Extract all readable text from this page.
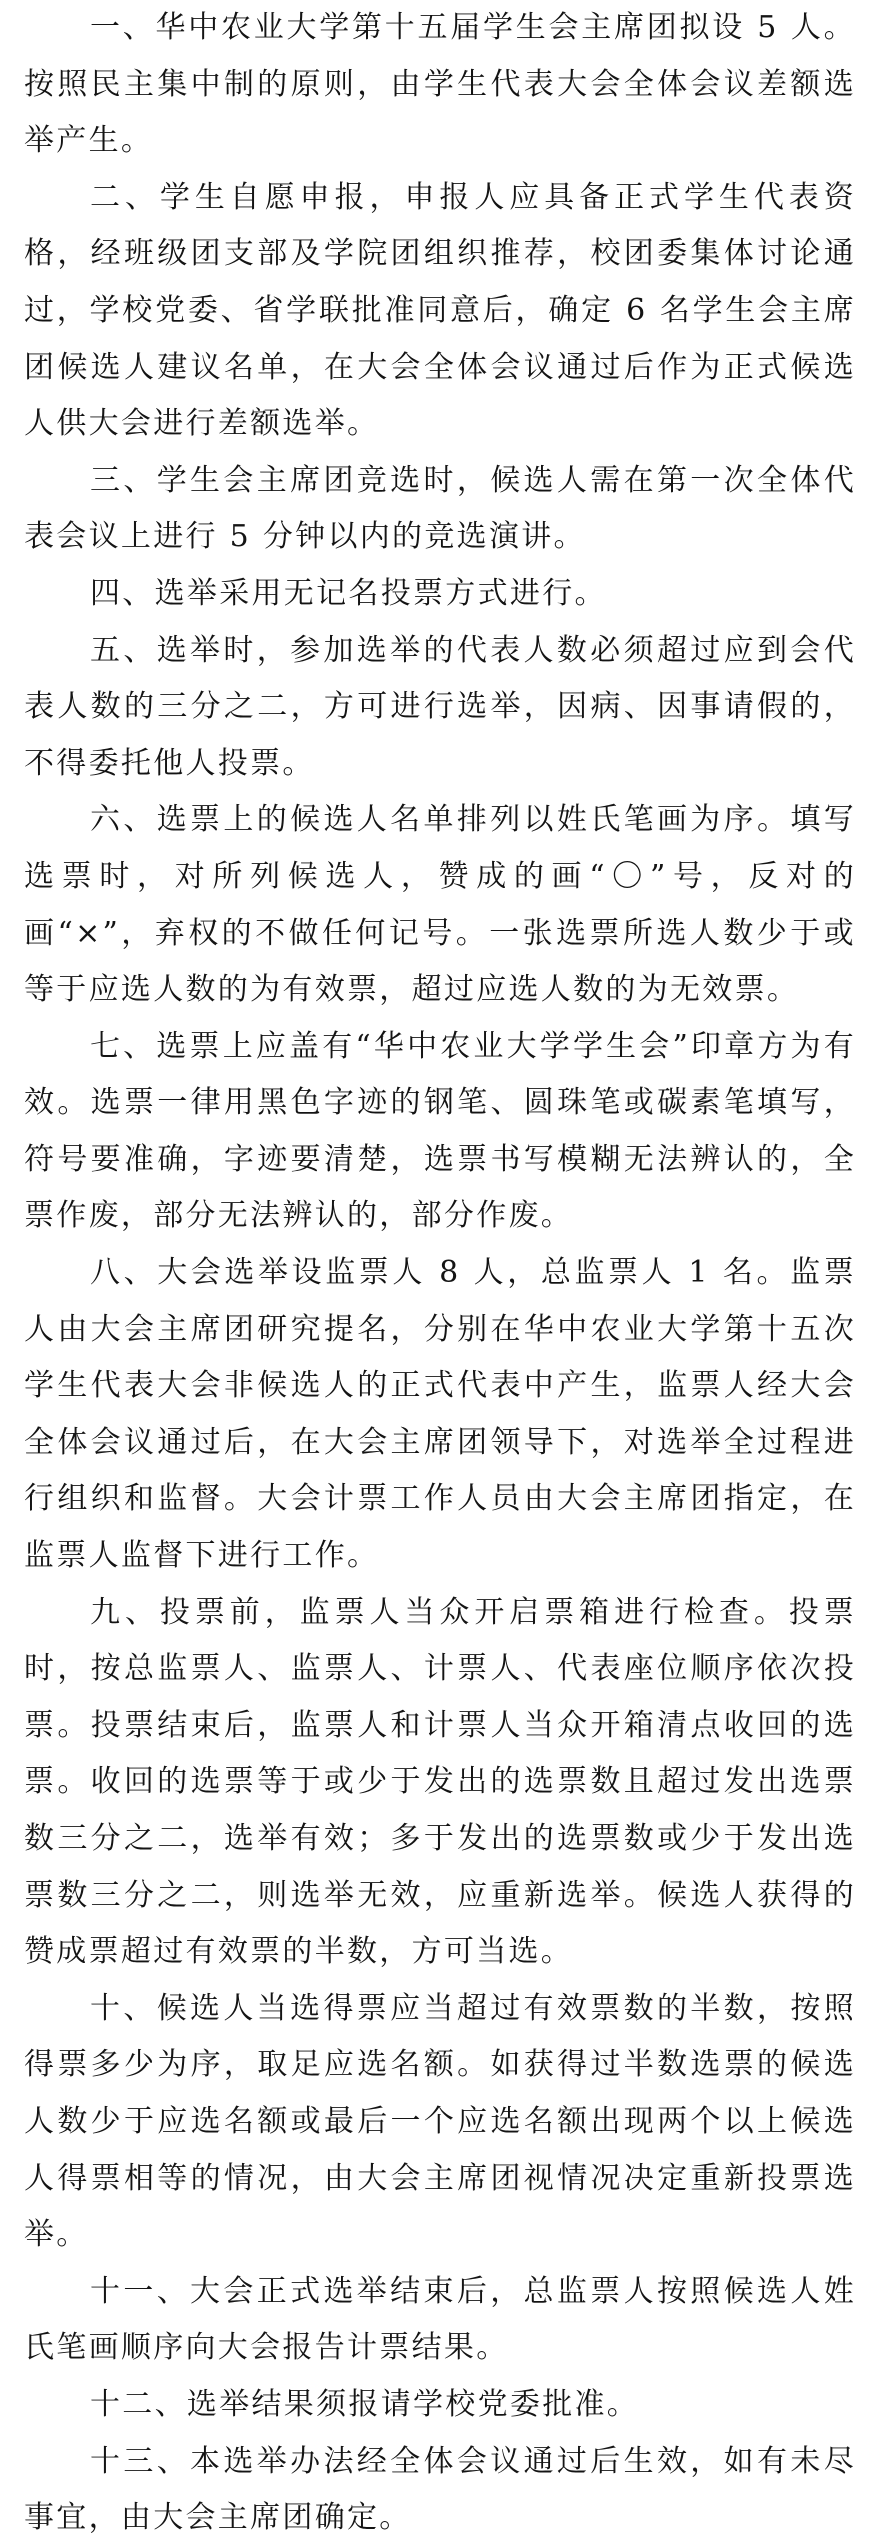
一、华中农业大学第十五届学生会主席团拟设 5 人。按照民主集中制的原则，由学生代表大会全体会议差额选举产生。

二、学生自愿申报，申报人应具备正式学生代表资格，经班级团支部及学院团组织推荐，校团委集体讨论通过，学校党委、省学联批准同意后，确定 6 名学生会主席团候选人建议名单，在大会全体会议通过后作为正式候选人供大会进行差额选举。

三、学生会主席团竞选时，候选人需在第一次全体代表会议上进行 5 分钟以内的竞选演讲。

四、选举采用无记名投票方式进行。

五、选举时，参加选举的代表人数必须超过应到会代表人数的三分之二，方可进行选举，因病、因事请假的，不得委托他人投票。

六、选票上的候选人名单排列以姓氏笔画为序。填写选票时，对所列候选人，赞成的画“〇”号，反对的画“×”，弃权的不做任何记号。一张选票所选人数少于或等于应选人数的为有效票，超过应选人数的为无效票。

七、选票上应盖有“华中农业大学学生会”印章方为有效。选票一律用黑色字迹的钢笔、圆珠笔或碳素笔填写，符号要准确，字迹要清楚，选票书写模糊无法辨认的，全票作废，部分无法辨认的，部分作废。

八、大会选举设监票人 8 人，总监票人 1 名。监票人由大会主席团研究提名，分别在华中农业大学第十五次学生代表大会非候选人的正式代表中产生，监票人经大会全体会议通过后，在大会主席团领导下，对选举全过程进行组织和监督。大会计票工作人员由大会主席团指定，在监票人监督下进行工作。

九、投票前，监票人当众开启票箱进行检查。投票时，按总监票人、监票人、计票人、代表座位顺序依次投票。投票结束后，监票人和计票人当众开箱清点收回的选票。收回的选票等于或少于发出的选票数且超过发出选票数三分之二，选举有效；多于发出的选票数或少于发出选票数三分之二，则选举无效，应重新选举。候选人获得的赞成票超过有效票的半数，方可当选。

十、候选人当选得票应当超过有效票数的半数，按照得票多少为序，取足应选名额。如获得过半数选票的候选人数少于应选名额或最后一个应选名额出现两个以上候选人得票相等的情况，由大会主席团视情况决定重新投票选举。

十一、大会正式选举结束后，总监票人按照候选人姓氏笔画顺序向大会报告计票结果。

十二、选举结果须报请学校党委批准。

十三、本选举办法经全体会议通过后生效，如有未尽事宜，由大会主席团确定。
